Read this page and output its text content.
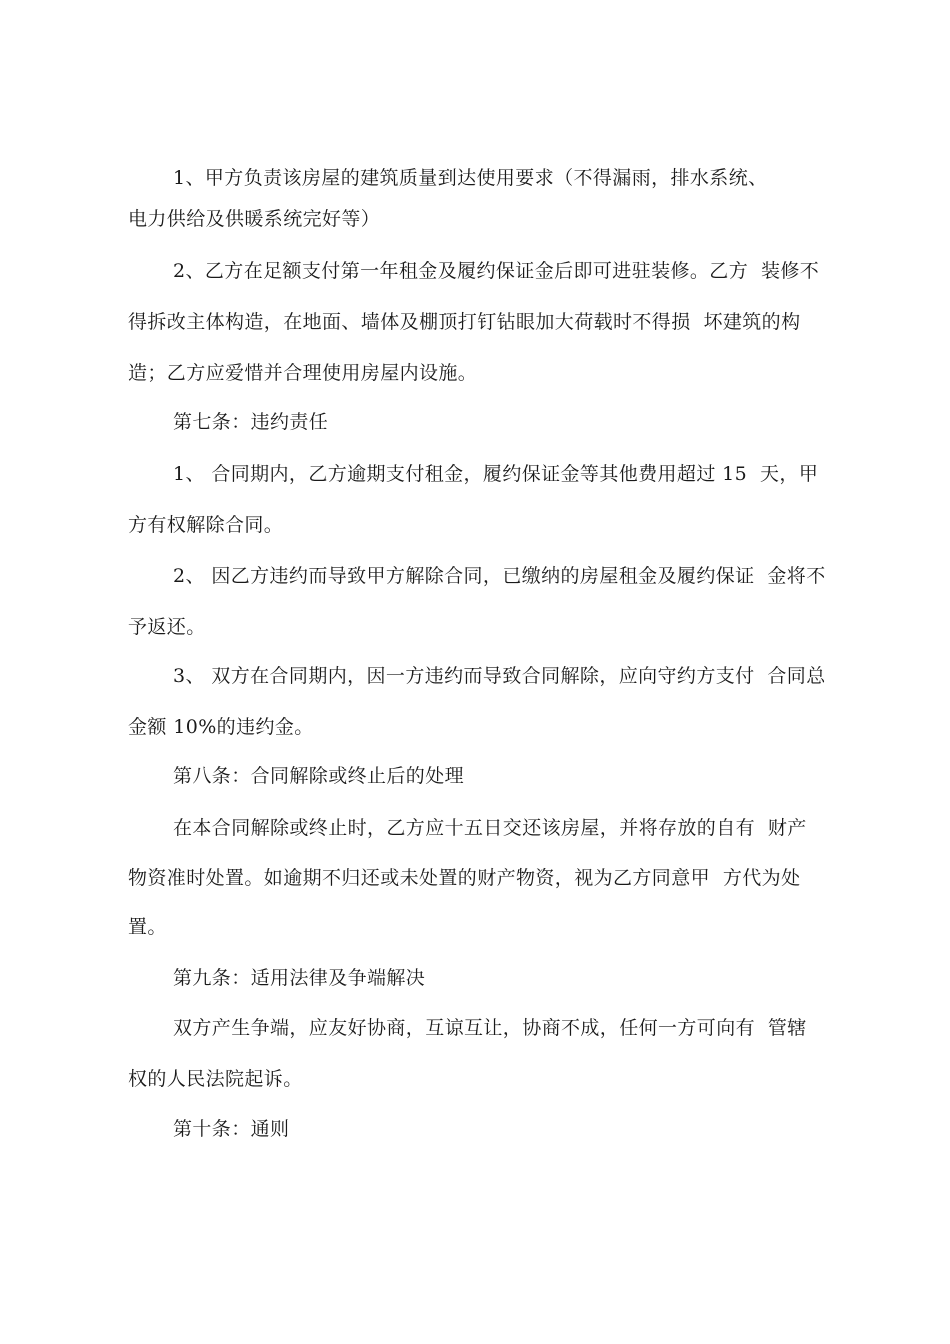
1、甲方负责该房屋的建筑质量到达使用要求（不得漏雨，排水系统、
电力供给及供暖系统完好等）
2、乙方在足额支付第一年租金及履约保证金后即可进驻装修。乙方  装修不
得拆改主体构造，在地面、墙体及棚顶打钉钻眼加大荷载时不得损  坏建筑的构
造；乙方应爱惜并合理使用房屋内设施。
第七条：违约责任
1、 合同期内，乙方逾期支付租金，履约保证金等其他费用超过 15  天，甲
方有权解除合同。
2、 因乙方违约而导致甲方解除合同，已缴纳的房屋租金及履约保证  金将不
予返还。
3、 双方在合同期内，因一方违约而导致合同解除，应向守约方支付  合同总
金额 10%的违约金。
第八条：合同解除或终止后的处理
在本合同解除或终止时，乙方应十五日交还该房屋，并将存放的自有  财产
物资准时处置。如逾期不归还或未处置的财产物资，视为乙方同意甲  方代为处
置。
第九条：适用法律及争端解决
双方产生争端，应友好协商，互谅互让，协商不成，任何一方可向有  管辖
权的人民法院起诉。
第十条：通则
